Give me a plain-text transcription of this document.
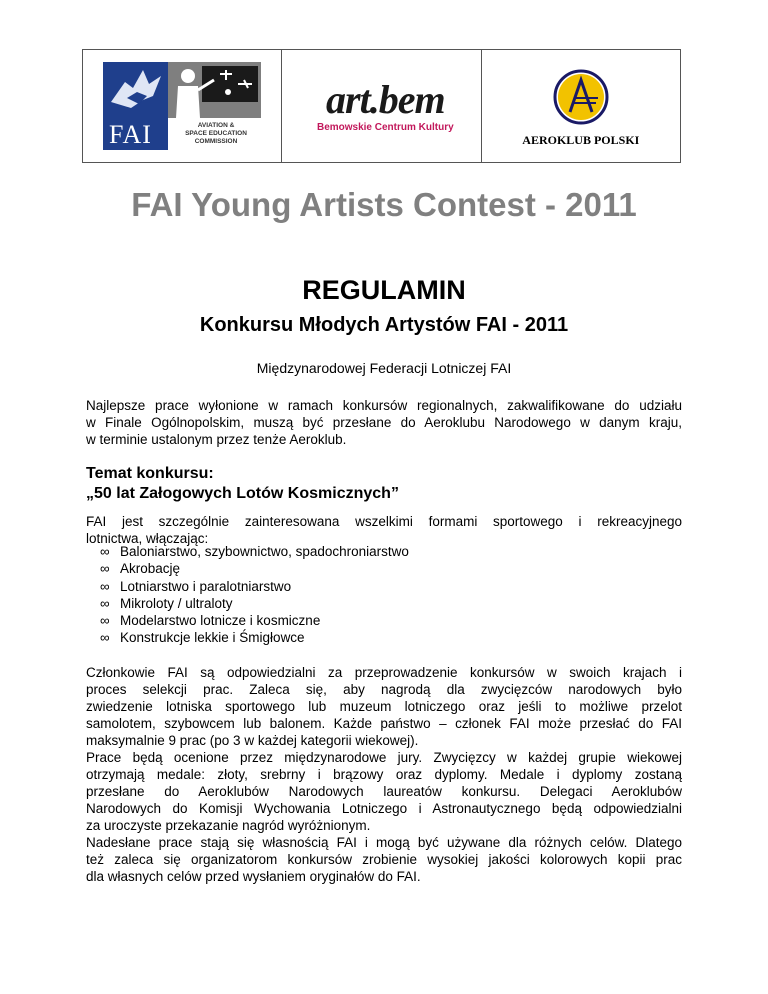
FAI	AVIATION &
SPACE EDUCATION
COMMISSION
art.bem
Bemowskie Centrum Kultury
AEROKLUB POLSKI
FAI Young Artists Contest - 2011
REGULAMIN
Konkursu Młodych Artystów FAI - 2011
Międzynarodowej Federacji Lotniczej FAI
Najlepsze prace wyłonione w ramach konkursów regionalnych, zakwalifikowane do udziału
w Finale Ogólnopolskim, muszą być przesłane do Aeroklubu Narodowego w danym kraju,
w terminie ustalonym przez tenże Aeroklub.
Temat konkursu:
„50 lat Załogowych Lotów Kosmicznych”
FAI jest szczególnie zainteresowana wszelkimi formami sportowego i rekreacyjnego
lotnictwa, włączając:
∞ Baloniarstwo, szybownictwo, spadochroniarstwo
∞ Akrobację
∞ Lotniarstwo i paralotniarstwo
∞ Mikroloty / ultraloty
∞ Modelarstwo lotnicze i kosmiczne
∞ Konstrukcje lekkie i Śmigłowce
Członkowie FAI są odpowiedzialni za przeprowadzenie konkursów w swoich krajach i
proces selekcji prac. Zaleca się, aby nagrodą dla zwycięzców narodowych było
zwiedzenie lotniska sportowego lub muzeum lotniczego oraz jeśli to możliwe przelot
samolotem, szybowcem lub balonem. Każde państwo – członek FAI może przesłać do FAI
maksymalnie 9 prac (po 3 w każdej kategorii wiekowej).
Prace będą ocenione przez międzynarodowe jury. Zwycięzcy w każdej grupie wiekowej
otrzymają medale: złoty, srebrny i brązowy oraz dyplomy. Medale i dyplomy zostaną
przesłane do Aeroklubów Narodowych laureatów konkursu. Delegaci Aeroklubów
Narodowych do Komisji Wychowania Lotniczego i Astronautycznego będą odpowiedzialni
za uroczyste przekazanie nagród wyróżnionym.
Nadesłane prace stają się własnością FAI i mogą być używane dla różnych celów. Dlatego
też zaleca się organizatorom konkursów zrobienie wysokiej jakości kolorowych kopii prac
dla własnych celów przed wysłaniem oryginałów do FAI.
